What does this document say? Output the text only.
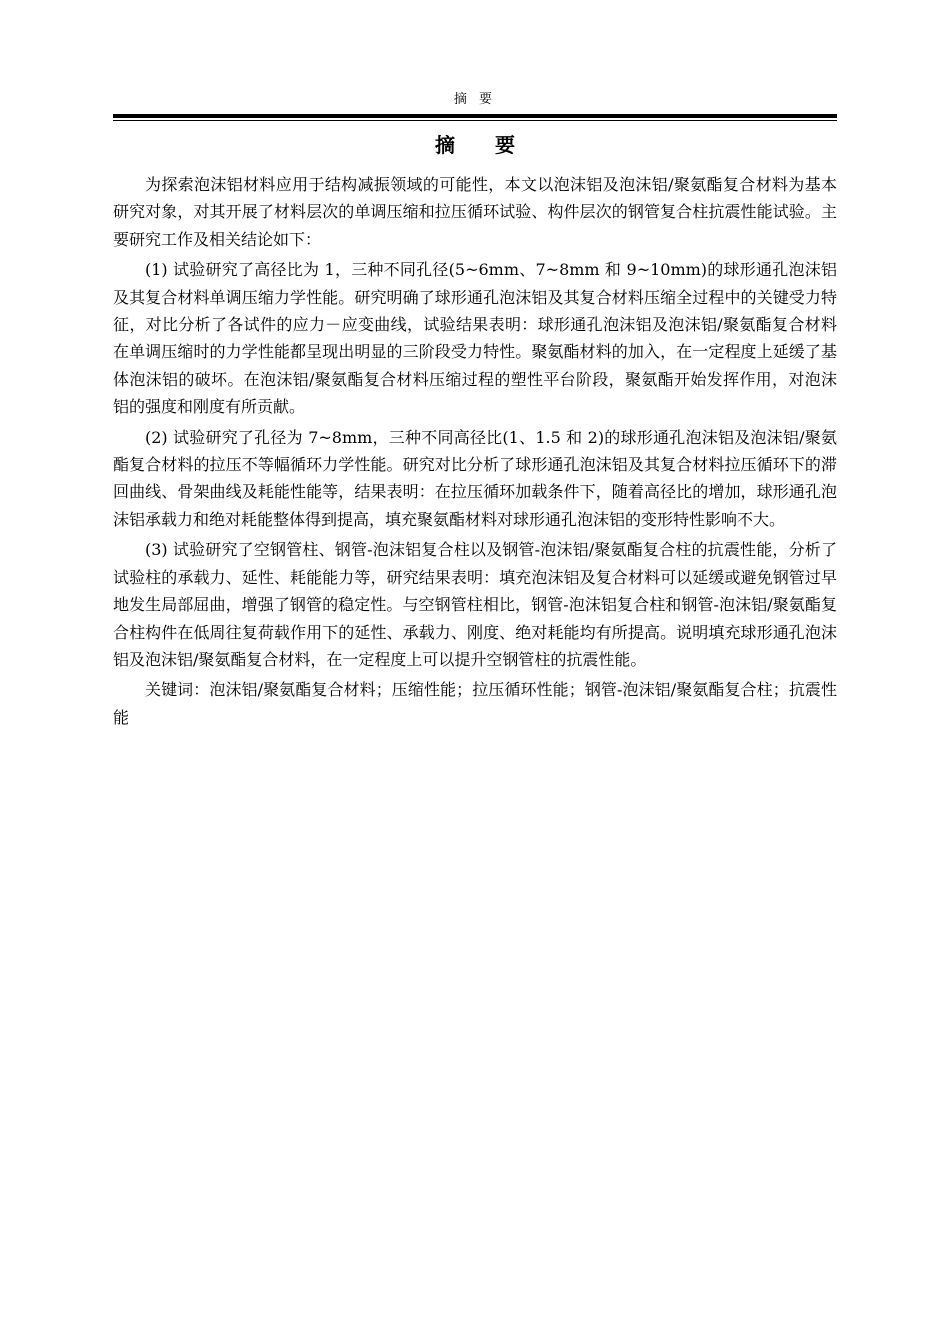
摘 要
摘要

为探索泡沫铝材料应用于结构减振领域的可能性，本文以泡沫铝及泡沫铝/聚氨酯复合材料为基本研究对象，对其开展了材料层次的单调压缩和拉压循环试验、构件层次的钢管复合柱抗震性能试验。主要研究工作及相关结论如下：

(1) 试验研究了高径比为 1，三种不同孔径(5~6mm、7~8mm 和 9~10mm)的球形通孔泡沫铝及其复合材料单调压缩力学性能。研究明确了球形通孔泡沫铝及其复合材料压缩全过程中的关键受力特征，对比分析了各试件的应力－应变曲线，试验结果表明：球形通孔泡沫铝及泡沫铝/聚氨酯复合材料在单调压缩时的力学性能都呈现出明显的三阶段受力特性。聚氨酯材料的加入，在一定程度上延缓了基体泡沫铝的破坏。在泡沫铝/聚氨酯复合材料压缩过程的塑性平台阶段，聚氨酯开始发挥作用，对泡沫铝的强度和刚度有所贡献。

(2) 试验研究了孔径为 7~8mm，三种不同高径比(1、1.5 和 2)的球形通孔泡沫铝及泡沫铝/聚氨酯复合材料的拉压不等幅循环力学性能。研究对比分析了球形通孔泡沫铝及其复合材料拉压循环下的滞回曲线、骨架曲线及耗能性能等，结果表明：在拉压循环加载条件下，随着高径比的增加，球形通孔泡沫铝承载力和绝对耗能整体得到提高，填充聚氨酯材料对球形通孔泡沫铝的变形特性影响不大。

(3) 试验研究了空钢管柱、钢管-泡沫铝复合柱以及钢管-泡沫铝/聚氨酯复合柱的抗震性能，分析了试验柱的承载力、延性、耗能能力等，研究结果表明：填充泡沫铝及复合材料可以延缓或避免钢管过早地发生局部屈曲，增强了钢管的稳定性。与空钢管柱相比，钢管-泡沫铝复合柱和钢管-泡沫铝/聚氨酯复合柱构件在低周往复荷载作用下的延性、承载力、刚度、绝对耗能均有所提高。说明填充球形通孔泡沫铝及泡沫铝/聚氨酯复合材料，在一定程度上可以提升空钢管柱的抗震性能。

关键词：泡沫铝/聚氨酯复合材料；压缩性能；拉压循环性能；钢管-泡沫铝/聚氨酯复合柱；抗震性能
